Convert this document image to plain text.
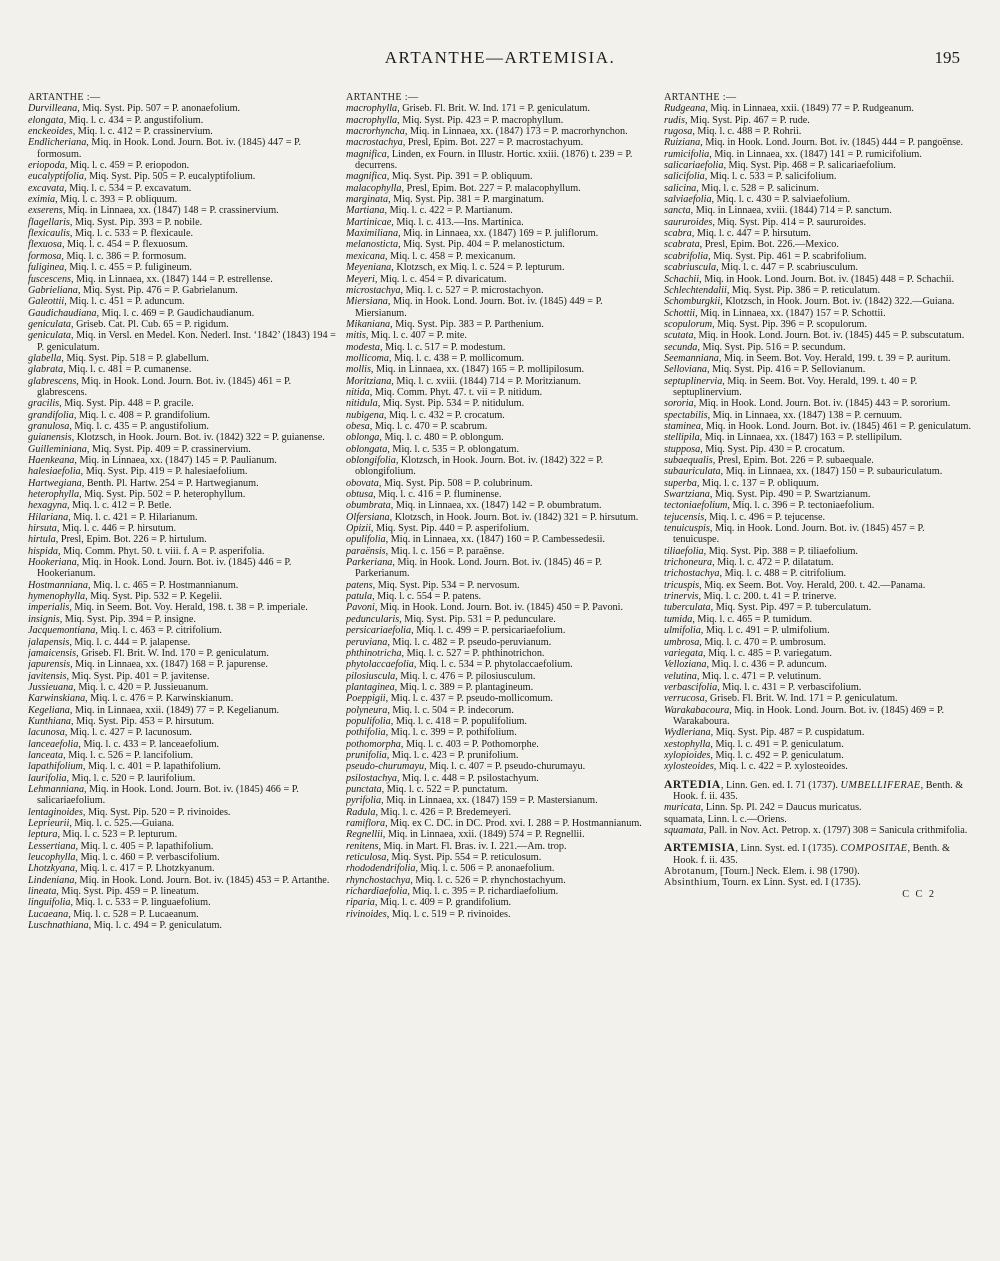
ARTANTHE—ARTEMISIA.	195
ARTANTHE :—
Durvilleana, Miq. Syst. Pip. 507 = P. anonaefolium.
elongata, Miq. l. c. 434 = P. angustifolium.
enckeoides, Miq. l. c. 412 = P. crassinervium.
Endlicheriana, Miq. in Hook. Lond. Journ. Bot. iv. (1845) 447 = P. formosum.
eriopoda, Miq. l. c. 459 = P. eriopodon.
eucalyptifolia, Miq. Syst. Pip. 505 = P. eucalyptifolium.
excavata, Miq. l. c. 534 = P. excavatum.
eximia, Miq. l. c. 393 = P. obliquum.
exserens, Miq. in Linnaea, xx. (1847) 148 = P. crassinervium.
flagellaris, Miq. Syst. Pip. 393 = P. nobile.
flexicaulis, Miq. l. c. 533 = P. flexicaule.
flexuosa, Miq. l. c. 454 = P. flexuosum.
formosa, Miq. l. c. 386 = P. formosum.
fuliginea, Miq. l. c. 455 = P. fuligineum.
fuscescens, Miq. in Linnaea, xx. (1847) 144 = P. estrellense.
Gabrieliana, Miq. Syst. Pip. 476 = P. Gabrielanum.
Galeottii, Miq. l. c. 451 = P. aduncum.
Gaudichaudiana, Miq. l. c. 469 = P. Gaudichaudianum.
geniculata, Griseb. Cat. Pl. Cub. 65 = P. rigidum.
geniculata, Miq. in Versl. en Medel. Kon. Nederl. Inst. ‘1842’ (1843) 194 = P. geniculatum.
glabella, Miq. Syst. Pip. 518 = P. glabellum.
glabrata, Miq. l. c. 481 = P. cumanense.
glabrescens, Miq. in Hook. Lond. Journ. Bot. iv. (1845) 461 = P. glabrescens.
gracilis, Miq. Syst. Pip. 448 = P. gracile.
grandifolia, Miq. l. c. 408 = P. grandifolium.
granulosa, Miq. l. c. 435 = P. angustifolium.
guianensis, Klotzsch, in Hook. Journ. Bot. iv. (1842) 322 = P. guianense.
Guilleminiana, Miq. Syst. Pip. 409 = P. crassinervium.
Haenkeana, Miq. in Linnaea, xx. (1847) 145 = P. Paulianum.
halesiaefolia, Miq. Syst. Pip. 419 = P. halesiaefolium.
Hartwegiana, Benth. Pl. Hartw. 254 = P. Hartwegianum.
heterophylla, Miq. Syst. Pip. 502 = P. heterophyllum.
hexagyna, Miq. l. c. 412 = P. Betle.
Hilariana, Miq. l. c. 421 = P. Hilarianum.
hirsuta, Miq. l. c. 446 = P. hirsutum.
hirtula, Presl, Epim. Bot. 226 = P. hirtulum.
hispida, Miq. Comm. Phyt. 50. t. viii. f. A = P. asperifolia.
Hookeriana, Miq. in Hook. Lond. Journ. Bot. iv. (1845) 446 = P. Hookerianum.
Hostmanniana, Miq. l. c. 465 = P. Hostmannianum.
hymenophylla, Miq. Syst. Pip. 532 = P. Kegelii.
imperialis, Miq. in Seem. Bot. Voy. Herald, 198. t. 38 = P. imperiale.
insignis, Miq. Syst. Pip. 394 = P. insigne.
Jacquemontiana, Miq. l. c. 463 = P. citrifolium.
jalapensis, Miq. l. c. 444 = P. jalapense.
jamaicensis, Griseb. Fl. Brit. W. Ind. 170 = P. geniculatum.
japurensis, Miq. in Linnaea, xx. (1847) 168 = P. japurense.
javitensis, Miq. Syst. Pip. 401 = P. javitense.
Jussieuana, Miq. l. c. 420 = P. Jussieuanum.
Karwinskiana, Miq. l. c. 476 = P. Karwinskianum.
Kegeliana, Miq. in Linnaea, xxii. (1849) 77 = P. Kegelianum.
Kunthiana, Miq. Syst. Pip. 453 = P. hirsutum.
lacunosa, Miq. l. c. 427 = P. lacunosum.
lanceaefolia, Miq. l. c. 433 = P. lanceaefolium.
lanceata, Miq. l. c. 526 = P. lancifolium.
lapathifolium, Miq. l. c. 401 = P. lapathifolium.
laurifolia, Miq. l. c. 520 = P. laurifolium.
Lehmanniana, Miq. in Hook. Lond. Journ. Bot. iv. (1845) 466 = P. salicariaefolium.
lentaginoides, Miq. Syst. Pip. 520 = P. rivinoides.
Leprieurii, Miq. l. c. 525.—Guiana.
leptura, Miq. l. c. 523 = P. lepturum.
Lessertiana, Miq. l. c. 405 = P. lapathifolium.
leucophylla, Miq. l. c. 460 = P. verbascifolium.
Lhotzkyana, Miq. l. c. 417 = P. Lhotzkyanum.
Lindeniana, Miq. in Hook. Lond. Journ. Bot. iv. (1845) 453 = P. Artanthe.
lineata, Miq. Syst. Pip. 459 = P. lineatum.
linguifolia, Miq. l. c. 533 = P. linguaefolium.
Lucaeana, Miq. l. c. 528 = P. Lucaeanum.
Luschnathiana, Miq. l. c. 494 = P. geniculatum.
ARTANTHE :—
macrophylla, Griseb. Fl. Brit. W. Ind. 171 = P. geniculatum.
macrophylla, Miq. Syst. Pip. 423 = P. macrophyllum.
macrorhyncha, Miq. in Linnaea, xx. (1847) 173 = P. macrorhynchon.
macrostachya, Presl, Epim. Bot. 227 = P. macrostachyum.
magnifica, Linden, ex Fourn. in Illustr. Hortic. xxiii. (1876) t. 239 = P. decurrens.
magnifica, Miq. Syst. Pip. 391 = P. obliquum.
malacophylla, Presl, Epim. Bot. 227 = P. malacophyllum.
marginata, Miq. Syst. Pip. 381 = P. marginatum.
Martiana, Miq. l. c. 422 = P. Martianum.
Martinicae, Miq. l. c. 413.—Ins. Martinica.
Maximiliana, Miq. in Linnaea, xx. (1847) 169 = P. juliflorum.
melanosticta, Miq. Syst. Pip. 404 = P. melanostictum.
mexicana, Miq. l. c. 458 = P. mexicanum.
Meyeniana, Klotzsch, ex Miq. l. c. 524 = P. lepturum.
Meyeri, Miq. l. c. 454 = P. divaricatum.
microstachya, Miq. l. c. 527 = P. microstachyon.
Miersiana, Miq. in Hook. Lond. Journ. Bot. iv. (1845) 449 = P. Miersianum.
Mikaniana, Miq. Syst. Pip. 383 = P. Parthenium.
mitis, Miq. l. c. 407 = P. mite.
modesta, Miq. l. c. 517 = P. modestum.
mollicoma, Miq. l. c. 438 = P. mollicomum.
mollis, Miq. in Linnaea, xx. (1847) 165 = P. mollipilosum.
Moritziana, Miq. l. c. xviii. (1844) 714 = P. Moritzianum.
nitida, Miq. Comm. Phyt. 47. t. vii = P. nitidum.
nitidula, Miq. Syst. Pip. 534 = P. nitidulum.
nubigena, Miq. l. c. 432 = P. crocatum.
obesa, Miq. l. c. 470 = P. scabrum.
oblonga, Miq. l. c. 480 = P. oblongum.
oblongata, Miq. l. c. 535 = P. oblongatum.
oblongifolia, Klotzsch, in Hook. Journ. Bot. iv. (1842) 322 = P. oblongifolium.
obovata, Miq. Syst. Pip. 508 = P. colubrinum.
obtusa, Miq. l. c. 416 = P. fluminense.
obumbrata, Miq. in Linnaea, xx. (1847) 142 = P. obumbratum.
Olfersiana, Klotzsch, in Hook. Journ. Bot. iv. (1842) 321 = P. hirsutum.
Opizii, Miq. Syst. Pip. 440 = P. asperifolium.
opulifolia, Miq. in Linnaea, xx. (1847) 160 = P. Cambessedesii.
paraënsis, Miq. l. c. 156 = P. paraënse.
Parkeriana, Miq. in Hook. Lond. Journ. Bot. iv. (1845) 46 = P. Parkerianum.
patens, Miq. Syst. Pip. 534 = P. nervosum.
patula, Miq. l. c. 554 = P. patens.
Pavoni, Miq. in Hook. Lond. Journ. Bot. iv. (1845) 450 = P. Pavoni.
peduncularis, Miq. Syst. Pip. 531 = P. pedunculare.
persicariaefolia, Miq. l. c. 499 = P. persicariaefolium.
peruviana, Miq. l. c. 482 = P. pseudo-peruvianum.
phthinotricha, Miq. l. c. 527 = P. phthinotrichon.
phytolaccaefolia, Miq. l. c. 534 = P. phytolaccaefolium.
pilosiuscula, Miq. l. c. 476 = P. pilosiusculum.
plantaginea, Miq. l. c. 389 = P. plantagineum.
Poeppigii, Miq. l. c. 437 = P. pseudo-mollicomum.
polyneura, Miq. l. c. 504 = P. indecorum.
populifolia, Miq. l. c. 418 = P. populifolium.
pothifolia, Miq. l. c. 399 = P. pothifolium.
pothomorpha, Miq. l. c. 403 = P. Pothomorphe.
prunifolia, Miq. l. c. 423 = P. prunifolium.
pseudo-churumayu, Miq. l. c. 407 = P. pseudo-churumayu.
psilostachya, Miq. l. c. 448 = P. psilostachyum.
punctata, Miq. l. c. 522 = P. punctatum.
pyrifolia, Miq. in Linnaea, xx. (1847) 159 = P. Mastersianum.
Radula, Miq. l. c. 426 = P. Bredemeyeri.
ramiflora, Miq. ex C. DC. in DC. Prod. xvi. I. 288 = P. Hostmannianum.
Regnellii, Miq. in Linnaea, xxii. (1849) 574 = P. Regnellii.
renitens, Miq. in Mart. Fl. Bras. iv. I. 221.—Am. trop.
reticulosa, Miq. Syst. Pip. 554 = P. reticulosum.
rhododendrifolia, Miq. l. c. 506 = P. anonaefolium.
rhynchostachya, Miq. l. c. 526 = P. rhynchostachyum.
richardiaefolia, Miq. l. c. 395 = P. richardiaefolium.
riparia, Miq. l. c. 409 = P. grandifolium.
rivinoides, Miq. l. c. 519 = P. rivinoides.
ARTANTHE :—
Rudgeana, Miq. in Linnaea, xxii. (1849) 77 = P. Rudgeanum.
rudis, Miq. Syst. Pip. 467 = P. rude.
rugosa, Miq. l. c. 488 = P. Rohrii.
Ruiziana, Miq. in Hook. Lond. Journ. Bot. iv. (1845) 444 = P. pangoënse.
rumicifolia, Miq. in Linnaea, xx. (1847) 141 = P. rumicifolium.
salicariaefolia, Miq. Syst. Pip. 468 = P. salicariaefolium.
salicifolia, Miq. l. c. 533 = P. salicifolium.
salicina, Miq. l. c. 528 = P. salicinum.
salviaefolia, Miq. l. c. 430 = P. salviaefolium.
sancta, Miq. in Linnaea, xviii. (1844) 714 = P. sanctum.
saururoides, Miq. Syst. Pip. 414 = P. saururoides.
scabra, Miq. l. c. 447 = P. hirsutum.
scabrata, Presl, Epim. Bot. 226.—Mexico.
scabrifolia, Miq. Syst. Pip. 461 = P. scabrifolium.
scabriuscula, Miq. l. c. 447 = P. scabriusculum.
Schachii, Miq. in Hook. Lond. Journ. Bot. iv. (1845) 448 = P. Schachii.
Schlechtendalii, Miq. Syst. Pip. 386 = P. reticulatum.
Schomburgkii, Klotzsch, in Hook. Journ. Bot. iv. (1842) 322.—Guiana.
Schottii, Miq. in Linnaea, xx. (1847) 157 = P. Schottii.
scopulorum, Miq. Syst. Pip. 396 = P. scopulorum.
scutata, Miq. in Hook. Lond. Journ. Bot. iv. (1845) 445 = P. subscutatum.
secunda, Miq. Syst. Pip. 516 = P. secundum.
Seemanniana, Miq. in Seem. Bot. Voy. Herald, 199. t. 39 = P. auritum.
Selloviana, Miq. Syst. Pip. 416 = P. Sellovianum.
septuplinervia, Miq. in Seem. Bot. Voy. Herald, 199. t. 40 = P. septuplinervium.
sororia, Miq. in Hook. Lond. Journ. Bot. iv. (1845) 443 = P. sororium.
spectabilis, Miq. in Linnaea, xx. (1847) 138 = P. cernuum.
staminea, Miq. in Hook. Lond. Journ. Bot. iv. (1845) 461 = P. geniculatum.
stellipila, Miq. in Linnaea, xx. (1847) 163 = P. stellipilum.
stupposa, Miq. Syst. Pip. 430 = P. crocatum.
subaequalis, Presl, Epim. Bot. 226 = P. subaequale.
subauriculata, Miq. in Linnaea, xx. (1847) 150 = P. subauriculatum.
superba, Miq. l. c. 137 = P. obliquum.
Swartziana, Miq. Syst. Pip. 490 = P. Swartzianum.
tectoniaefolium, Miq. l. c. 396 = P. tectoniaefolium.
tejucensis, Miq. l. c. 496 = P. tejucense.
tenuicuspis, Miq. in Hook. Lond. Journ. Bot. iv. (1845) 457 = P. tenuicuspe.
tiliaefolia, Miq. Syst. Pip. 388 = P. tiliaefolium.
trichoneura, Miq. l. c. 472 = P. dilatatum.
trichostachya, Miq. l. c. 488 = P. citrifolium.
tricuspis, Miq. ex Seem. Bot. Voy. Herald, 200. t. 42.—Panama.
trinervis, Miq. l. c. 200. t. 41 = P. trinerve.
tuberculata, Miq. Syst. Pip. 497 = P. tuberculatum.
tumida, Miq. l. c. 465 = P. tumidum.
ulmifolia, Miq. l. c. 491 = P. ulmifolium.
umbrosa, Miq. l. c. 470 = P. umbrosum.
variegata, Miq. l. c. 485 = P. variegatum.
Velloziana, Miq. l. c. 436 = P. aduncum.
velutina, Miq. l. c. 471 = P. velutinum.
verbascifolia, Miq. l. c. 431 = P. verbascifolium.
verrucosa, Griseb. Fl. Brit. W. Ind. 171 = P. geniculatum.
Warakabacoura, Miq. in Hook. Lond. Journ. Bot. iv. (1845) 469 = P. Warakaboura.
Wydleriana, Miq. Syst. Pip. 487 = P. cuspidatum.
xestophylla, Miq. l. c. 491 = P. geniculatum.
xylopioides, Miq. l. c. 492 = P. geniculatum.
xylosteoides, Miq. l. c. 422 = P. xylosteoides.
ARTEDIA, Linn. Gen. ed. I. 71 (1737). UMBELLIFERAE, Benth. & Hook. f. ii. 435.
muricata, Linn. Sp. Pl. 242 = Daucus muricatus.
squamata, Linn. l. c.—Oriens.
squamata, Pall. in Nov. Act. Petrop. x. (1797) 308 = Sanicula crithmifolia.
ARTEMISIA, Linn. Syst. ed. I (1735). COMPOSITAE, Benth. & Hook. f. ii. 435.
Abrotanum, [Tourn.] Neck. Elem. i. 98 (1790).
Absinthium, Tourn. ex Linn. Syst. ed. I (1735).
C C 2
